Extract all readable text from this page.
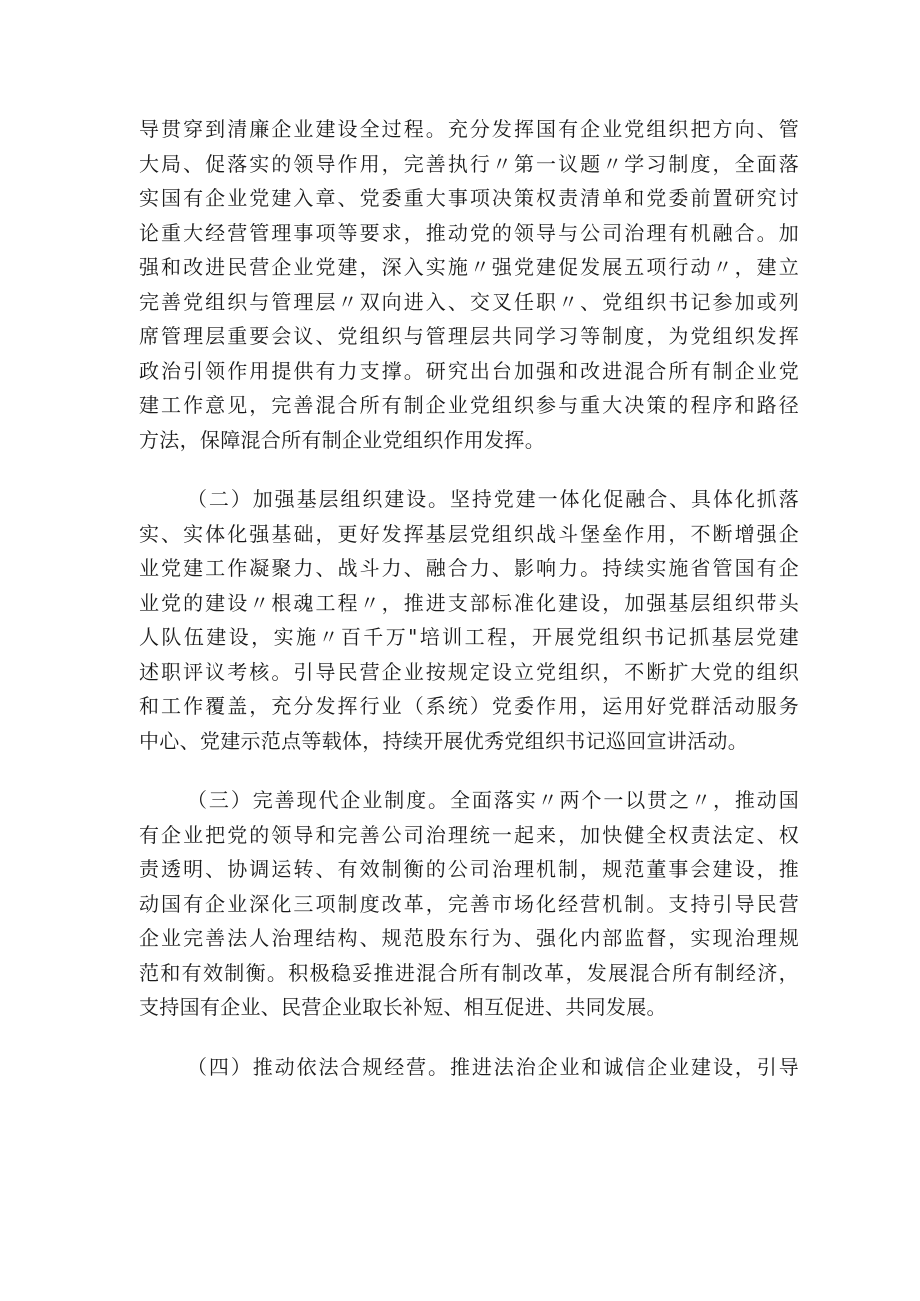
导贯穿到清廉企业建设全过程。充分发挥国有企业党组织把方向、管
大局、促落实的领导作用，完善执行〃第一议题〃学习制度，全面落
实国有企业党建入章、党委重大事项决策权责清单和党委前置研究讨
论重大经营管理事项等要求，推动党的领导与公司治理有机融合。加
强和改进民营企业党建，深入实施〃强党建促发展五项行动〃，建立
完善党组织与管理层〃双向进入、交叉任职〃、党组织书记参加或列
席管理层重要会议、党组织与管理层共同学习等制度，为党组织发挥
政治引领作用提供有力支撑。研究出台加强和改进混合所有制企业党
建工作意见，完善混合所有制企业党组织参与重大决策的程序和路径
方法，保障混合所有制企业党组织作用发挥。
（二）加强基层组织建设。坚持党建一体化促融合、具体化抓落
实、实体化强基础，更好发挥基层党组织战斗堡垒作用，不断增强企
业党建工作凝聚力、战斗力、融合力、影响力。持续实施省管国有企
业党的建设〃根魂工程〃，推进支部标准化建设，加强基层组织带头
人队伍建设，实施〃百千万"培训工程，开展党组织书记抓基层党建
述职评议考核。引导民营企业按规定设立党组织，不断扩大党的组织
和工作覆盖，充分发挥行业（系统）党委作用，运用好党群活动服务
中心、党建示范点等载体，持续开展优秀党组织书记巡回宣讲活动。
（三）完善现代企业制度。全面落实〃两个一以贯之〃，推动国
有企业把党的领导和完善公司治理统一起来，加快健全权责法定、权
责透明、协调运转、有效制衡的公司治理机制，规范董事会建设，推
动国有企业深化三项制度改革，完善市场化经营机制。支持引导民营
企业完善法人治理结构、规范股东行为、强化内部监督，实现治理规
范和有效制衡。积极稳妥推进混合所有制改革，发展混合所有制经济，
支持国有企业、民营企业取长补短、相互促进、共同发展。
（四）推动依法合规经营。推进法治企业和诚信企业建设，引导
